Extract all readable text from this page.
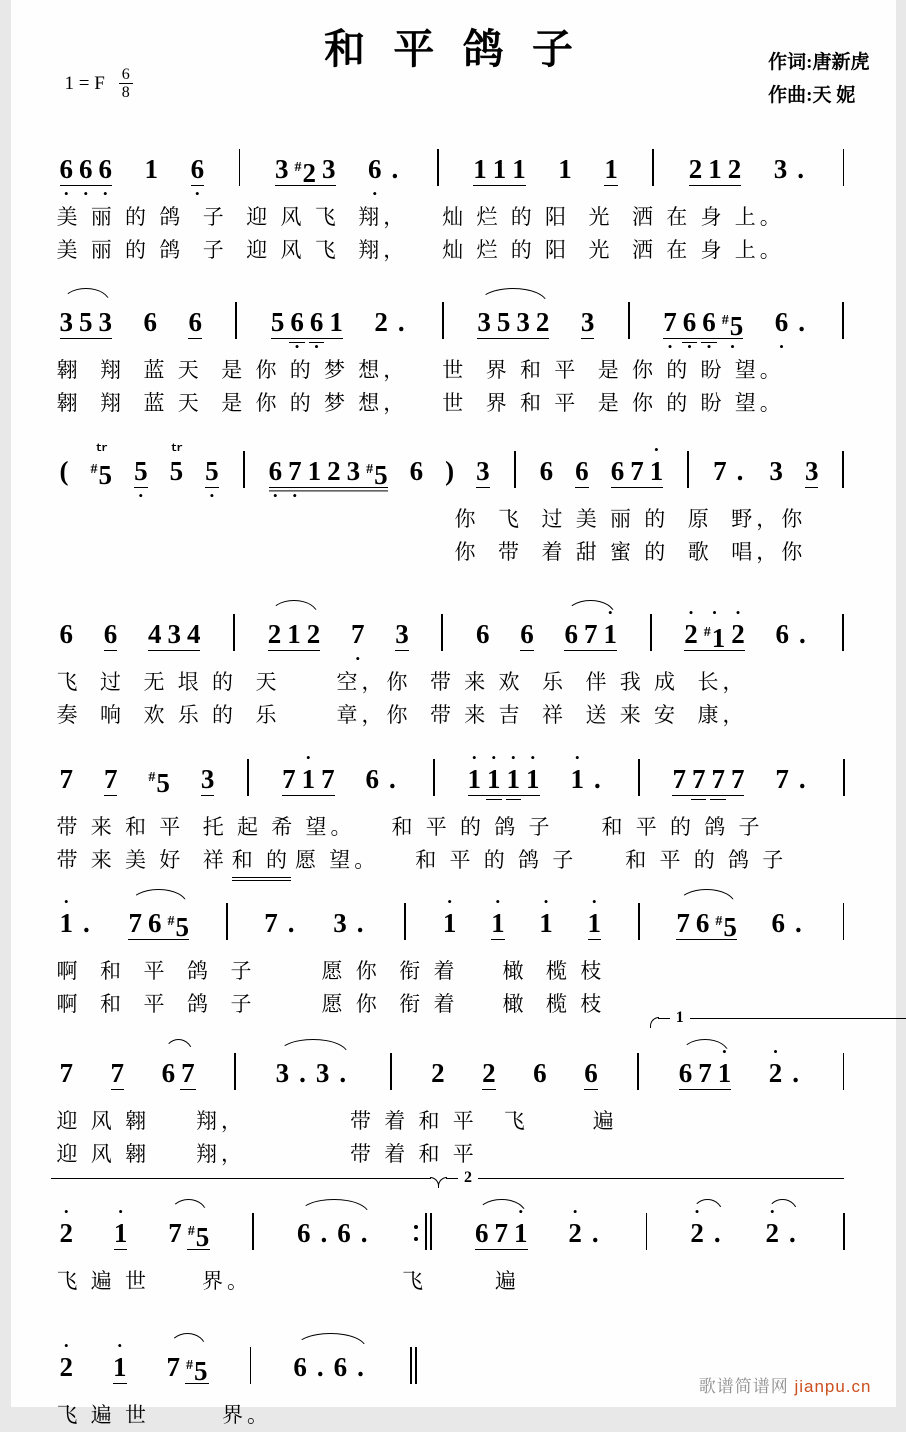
和 平 鸽 子
1 = F $\frac{6}{8}$
作词:唐新虎
作曲:天 妮
6
•
6
•
6
•
1 6
•
3 #2 3 6
•
.	1 1 1 1 1	2 1 2 3 .
美 丽 的 鸽  子  迎 风 飞  翔， 灿 烂 的 阳  光  洒 在 身 上。
美 丽 的 鸽  子  迎 风 飞  翔， 灿 烂 的 阳  光  洒 在 身 上。
3 5 3 6 6	5 6
•
6
•
1 2 .	3 5 3 2 3	7
•
6
•
6
•
#5
•
6
•
.
翱  翔  蓝 天  是 你 的 梦 想， 世  界 和 平  是 你 的 盼 望。
翱  翔  蓝 天  是 你 的 梦 想， 世  界 和 平  是 你 的 盼 望。
(
tr
#5 5
•
tr
5 5
•
6
•
7
•
1 2 3 #5 6 ) 3 6 6 6 7
•
1 7 . 3 3
你  飞  过 美 丽 的  原  野，你
你  带  着 甜 蜜 的  歌  唱，你
6 6 4 3 4 2 1 2 7
•
3 6 6 6 7
•
1
•
2
•
#1
•
2 6 .
飞  过  无 垠 的  天	空，你  带 来 欢  乐  伴 我 成  长，
奏  响  欢 乐 的  乐	章，你  带 来 吉  祥  送 来 安  康，
7 7 #5 3	7
•
1 7 6 .
•
1
•
1
•
1
•
1
•
1 .	7 7 7 7 7 .
带 来 和 平  托 起 希 望。 和 平 的 鸽 子 和 平 的 鸽 子
带 来 美 好  祥 和 的 愿 望。 和 平 的 鸽 子 和 平 的 鸽 子
•
1 . 7 6 #5	7 . 3 .
•
1
•
1
•
1
•
1	7 6 #5 6 .
啊  和  平  鸽  子	愿 你  衔 着 橄  榄 枝
啊  和  平  鸽  子	愿 你  衔 着 橄  榄 枝
7 7 6 7	3 . 3 .	2 2 6 6	6 7
•
1
1
•
2 .
迎 风 翱 翔，	带 着 和 平 飞	遍
迎 风 翱 翔，	带 着 和 平
•
2
•
1 7 #5	6 . 6 .	6 7
•
1
2
•
2 .
•
2 .
•
2 .
飞 遍 世 界。	飞	遍
•
2
•
1 7 #5	6 . 6 .
飞 遍 世	界。
歌谱简谱网 jianpu.cn
